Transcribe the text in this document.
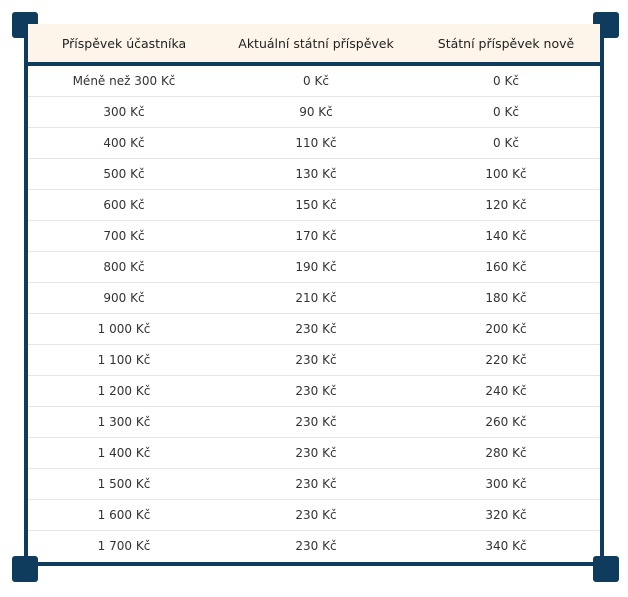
Příspěvek účastníka	Aktuální státní příspěvek	Státní příspěvek nově
Méně než 300 Kč	0 Kč	0 Kč
300 Kč	90 Kč	0 Kč
400 Kč	110 Kč	0 Kč
500 Kč	130 Kč	100 Kč
600 Kč	150 Kč	120 Kč
700 Kč	170 Kč	140 Kč
800 Kč	190 Kč	160 Kč
900 Kč	210 Kč	180 Kč
1 000 Kč	230 Kč	200 Kč
1 100 Kč	230 Kč	220 Kč
1 200 Kč	230 Kč	240 Kč
1 300 Kč	230 Kč	260 Kč
1 400 Kč	230 Kč	280 Kč
1 500 Kč	230 Kč	300 Kč
1 600 Kč	230 Kč	320 Kč
1 700 Kč	230 Kč	340 Kč
